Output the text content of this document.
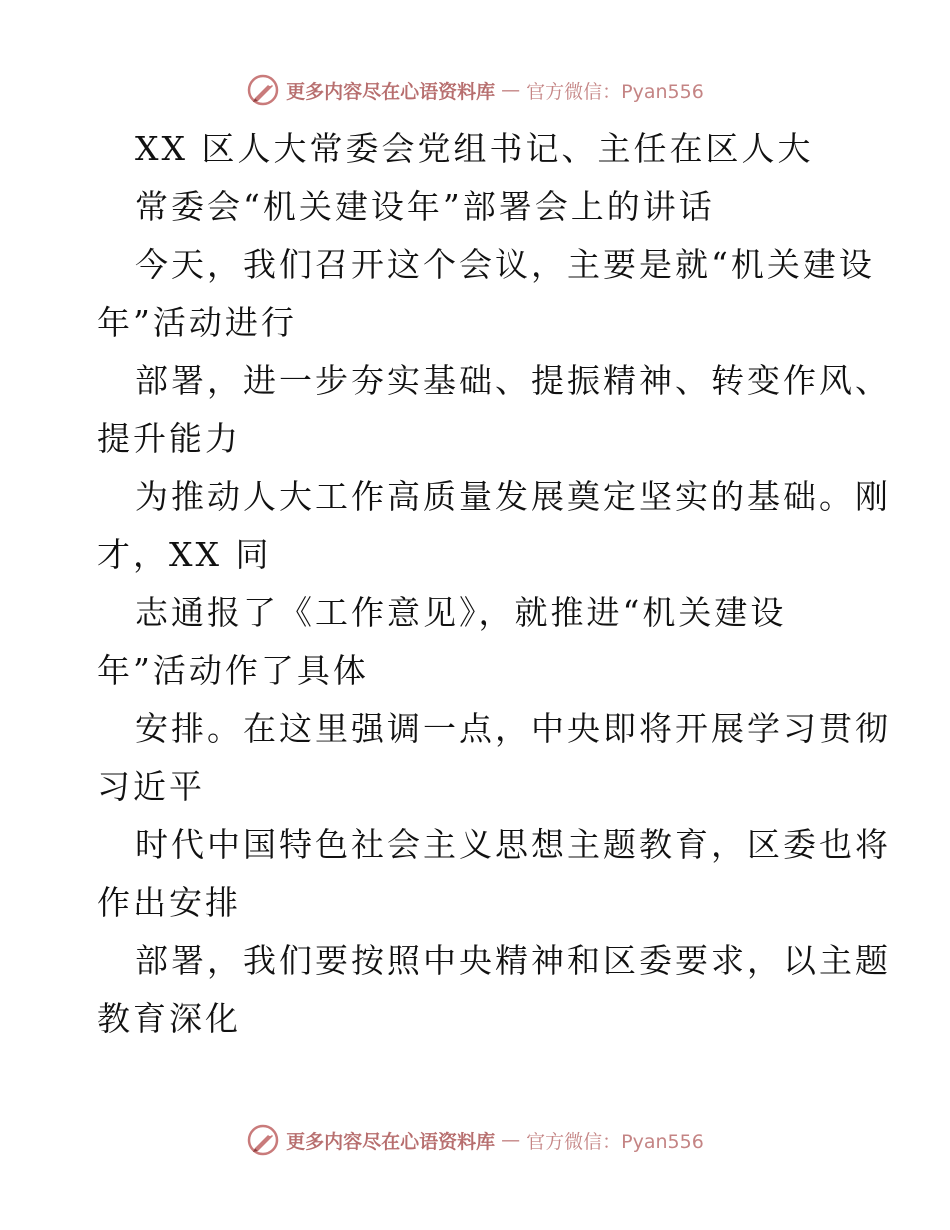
更多内容尽在心语资料库 — 官方微信：Pyan556
XX 区人大常委会党组书记、主任在区人大
常委会“机关建设年”部署会上的讲话
今天，我们召开这个会议，主要是就“机关建设
年”活动进行
部署，进一步夯实基础、提振精神、转变作风、
提升能力
为推动人大工作高质量发展奠定坚实的基础。刚
才，XX 同
志通报了《工作意见》，就推进“机关建设
年”活动作了具体
安排。在这里强调一点，中央即将开展学习贯彻
习近平
时代中国特色社会主义思想主题教育，区委也将
作出安排
部署，我们要按照中央精神和区委要求，以主题
教育深化
更多内容尽在心语资料库 — 官方微信：Pyan556
